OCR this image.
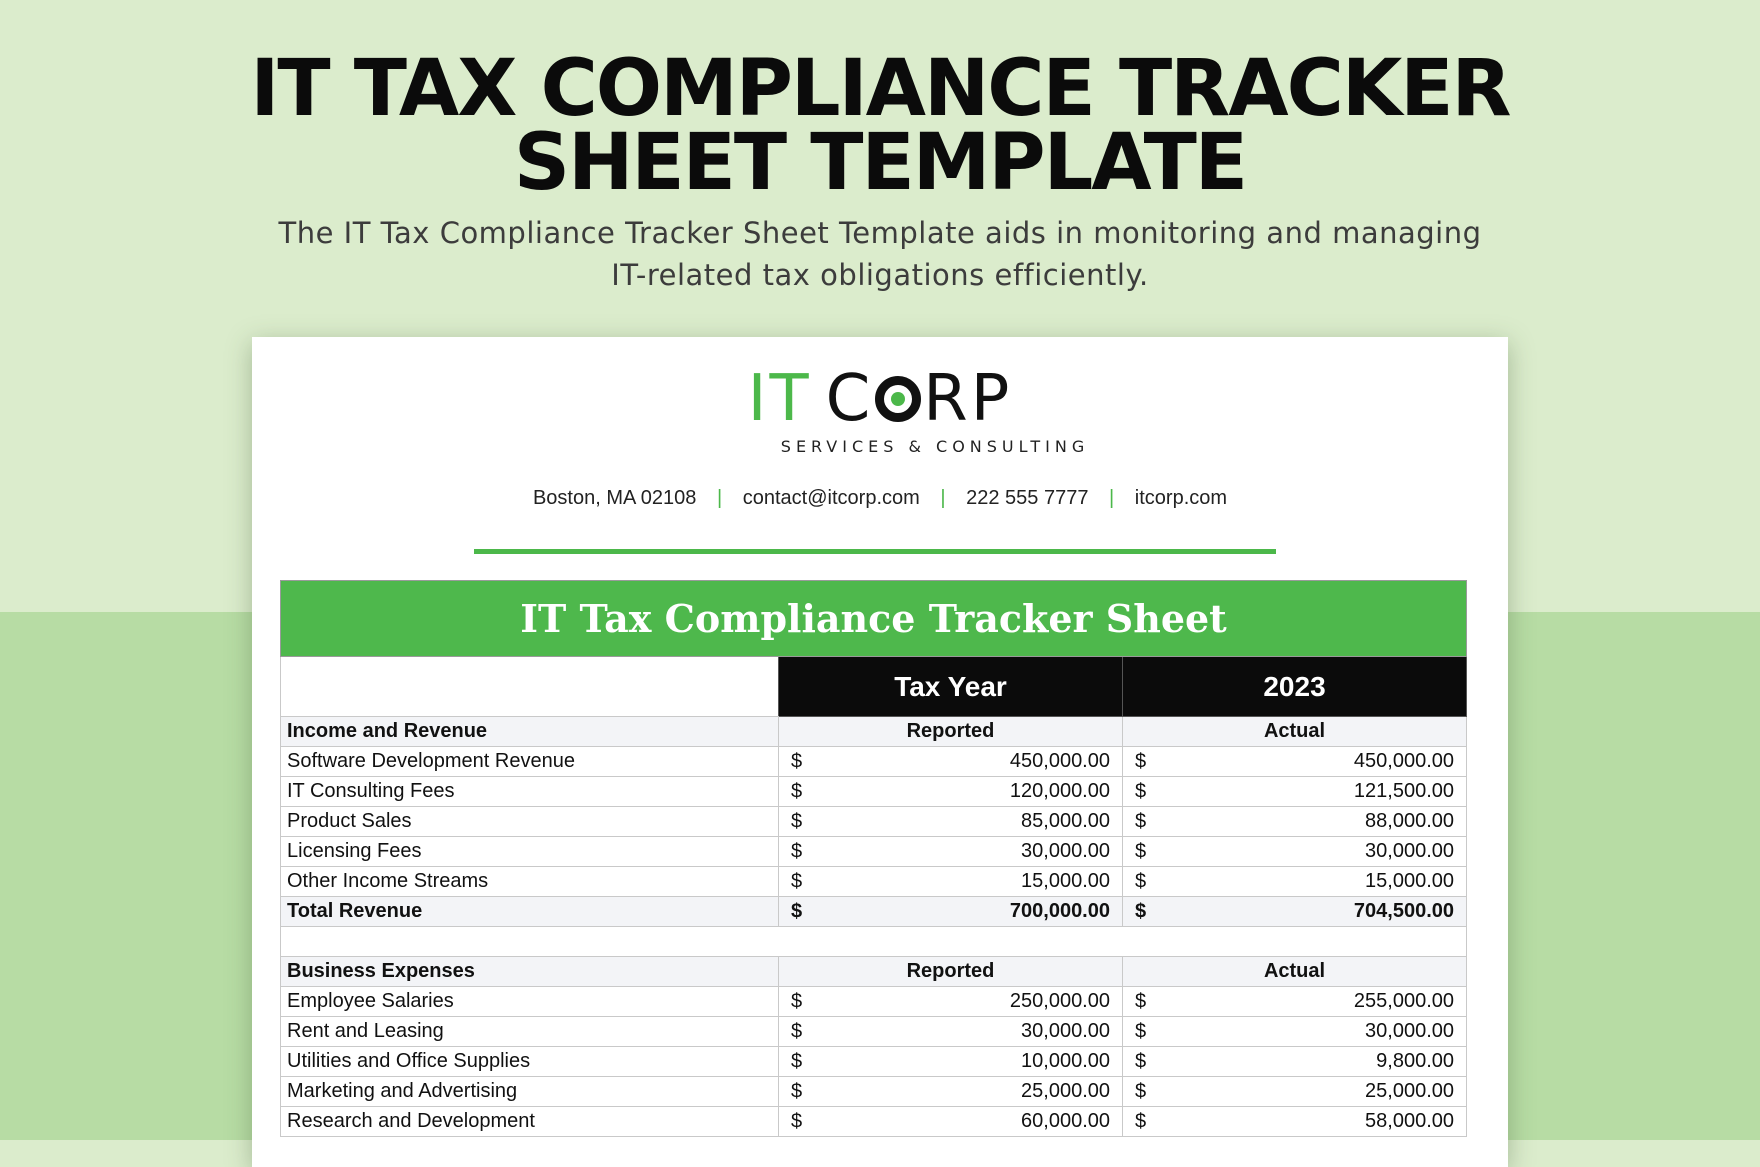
IT TAX COMPLIANCE TRACKER
SHEET TEMPLATE

The IT Tax Compliance Tracker Sheet Template aids in monitoring and managing
IT-related tax obligations efficiently.

IT C RP
SERVICES & CONSULTING
Boston, MA 02108 | contact@itcorp.com | 222 555 7777 | itcorp.com
IT Tax Compliance Tracker Sheet		
	Tax Year	2023
Income and Revenue	Reported	Actual
Software Development Revenue	$ 450,000.00	$ 450,000.00
IT Consulting Fees	$ 120,000.00	$ 121,500.00
Product Sales	$ 85,000.00	$ 88,000.00
Licensing Fees	$ 30,000.00	$ 30,000.00
Other Income Streams	$ 15,000.00	$ 15,000.00
Total Revenue	$ 700,000.00	$ 704,500.00

Business Expenses	Reported	Actual
Employee Salaries	$ 250,000.00	$ 255,000.00
Rent and Leasing	$ 30,000.00	$ 30,000.00
Utilities and Office Supplies	$ 10,000.00	$ 9,800.00
Marketing and Advertising	$ 25,000.00	$ 25,000.00
Research and Development	$ 60,000.00	$ 58,000.00
